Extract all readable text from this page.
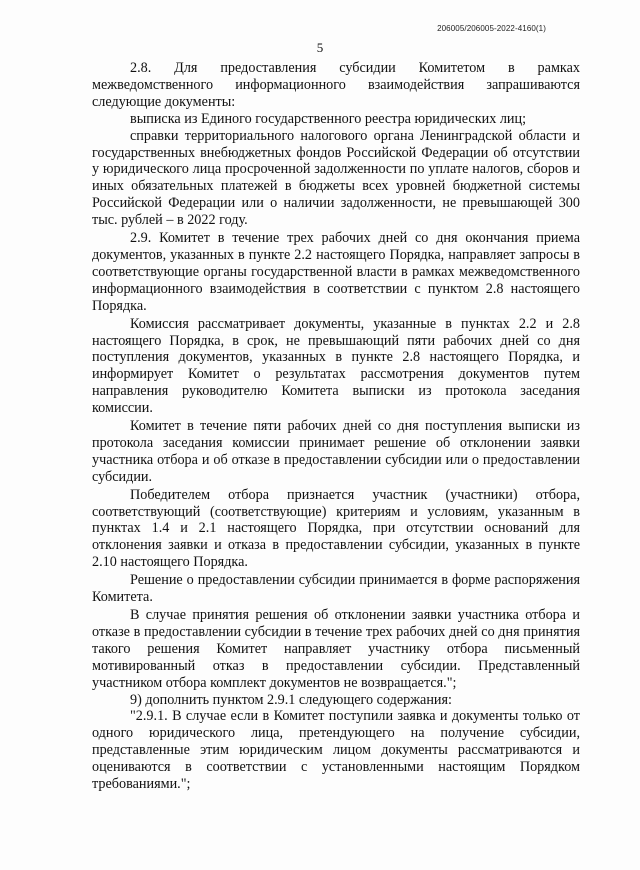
206005/206005-2022-4160(1)
5

2.8. Для предоставления субсидии Комитетом в рамках межведомственного информационного взаимодействия запрашиваются следующие документы:

выписка из Единого государственного реестра юридических лиц;

справки территориального налогового органа Ленинградской области и государственных внебюджетных фондов Российской Федерации об отсутствии у юридического лица просроченной задолженности по уплате налогов, сборов и иных обязательных платежей в бюджеты всех уровней бюджетной системы Российской Федерации или о наличии задолженности, не превышающей 300 тыс. рублей – в 2022 году.

2.9. Комитет в течение трех рабочих дней со дня окончания приема документов, указанных в пункте 2.2 настоящего Порядка, направляет запросы в соответствующие органы государственной власти в рамках межведомственного информационного взаимодействия в соответствии с пунктом 2.8 настоящего Порядка.

Комиссия рассматривает документы, указанные в пунктах 2.2 и 2.8 настоящего Порядка, в срок, не превышающий пяти рабочих дней со дня поступления документов, указанных в пункте 2.8 настоящего Порядка, и информирует Комитет о результатах рассмотрения документов путем направления руководителю Комитета выписки из протокола заседания комиссии.

Комитет в течение пяти рабочих дней со дня поступления выписки из протокола заседания комиссии принимает решение об отклонении заявки участника отбора и об отказе в предоставлении субсидии или о предоставлении субсидии.

Победителем отбора признается участник (участники) отбора, соответствующий (соответствующие) критериям и условиям, указанным в пунктах 1.4 и 2.1 настоящего Порядка, при отсутствии оснований для отклонения заявки и отказа в предоставлении субсидии, указанных в пункте 2.10 настоящего Порядка.

Решение о предоставлении субсидии принимается в форме распоряжения Комитета.

В случае принятия решения об отклонении заявки участника отбора и отказе в предоставлении субсидии в течение трех рабочих дней со дня принятия такого решения Комитет направляет участнику отбора письменный мотивированный отказ в предоставлении субсидии. Представленный участником отбора комплект документов не возвращается.";

9) дополнить пунктом 2.9.1 следующего содержания:

"2.9.1. В случае если в Комитет поступили заявка и документы только от одного юридического лица, претендующего на получение субсидии, представленные этим юридическим лицом документы рассматриваются и оцениваются в соответствии с установленными настоящим Порядком требованиями.";
